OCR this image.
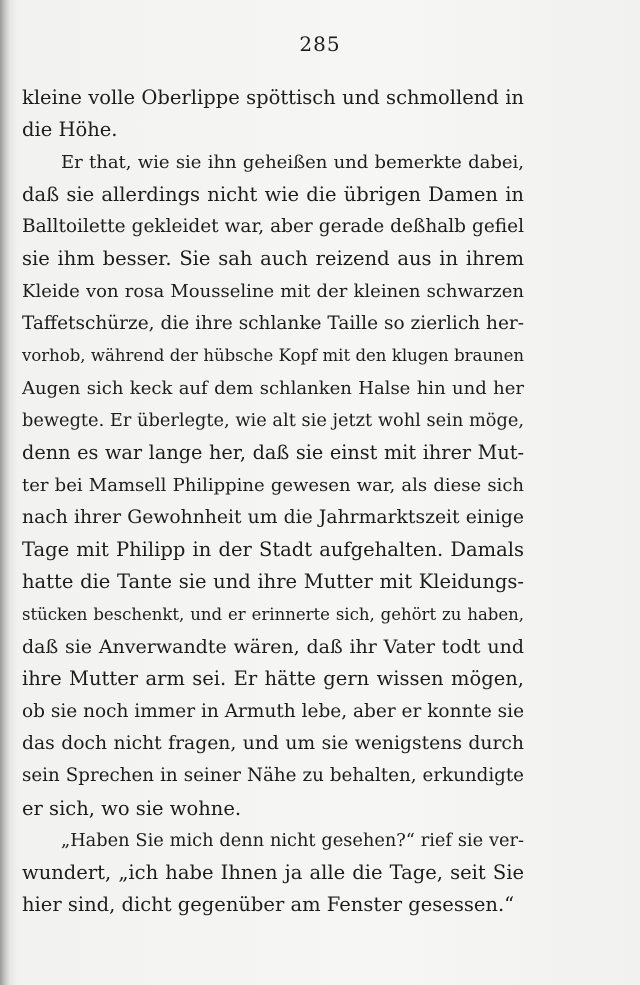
285
kleine volle Oberlippe spöttisch und schmollend in
die Höhe.
Er that, wie sie ihn geheißen und bemerkte dabei,
daß sie allerdings nicht wie die übrigen Damen in
Balltoilette gekleidet war, aber gerade deßhalb gefiel
sie ihm besser. Sie sah auch reizend aus in ihrem
Kleide von rosa Mousseline mit der kleinen schwarzen
Taffetschürze, die ihre schlanke Taille so zierlich her-
vorhob, während der hübsche Kopf mit den klugen braunen
Augen sich keck auf dem schlanken Halse hin und her
bewegte. Er überlegte, wie alt sie jetzt wohl sein möge,
denn es war lange her, daß sie einst mit ihrer Mut-
ter bei Mamsell Philippine gewesen war, als diese sich
nach ihrer Gewohnheit um die Jahrmarktszeit einige
Tage mit Philipp in der Stadt aufgehalten. Damals
hatte die Tante sie und ihre Mutter mit Kleidungs-
stücken beschenkt, und er erinnerte sich, gehört zu haben,
daß sie Anverwandte wären, daß ihr Vater todt und
ihre Mutter arm sei. Er hätte gern wissen mögen,
ob sie noch immer in Armuth lebe, aber er konnte sie
das doch nicht fragen, und um sie wenigstens durch
sein Sprechen in seiner Nähe zu behalten, erkundigte
er sich, wo sie wohne.
„Haben Sie mich denn nicht gesehen?“ rief sie ver-
wundert, „ich habe Ihnen ja alle die Tage, seit Sie
hier sind, dicht gegenüber am Fenster gesessen.“
